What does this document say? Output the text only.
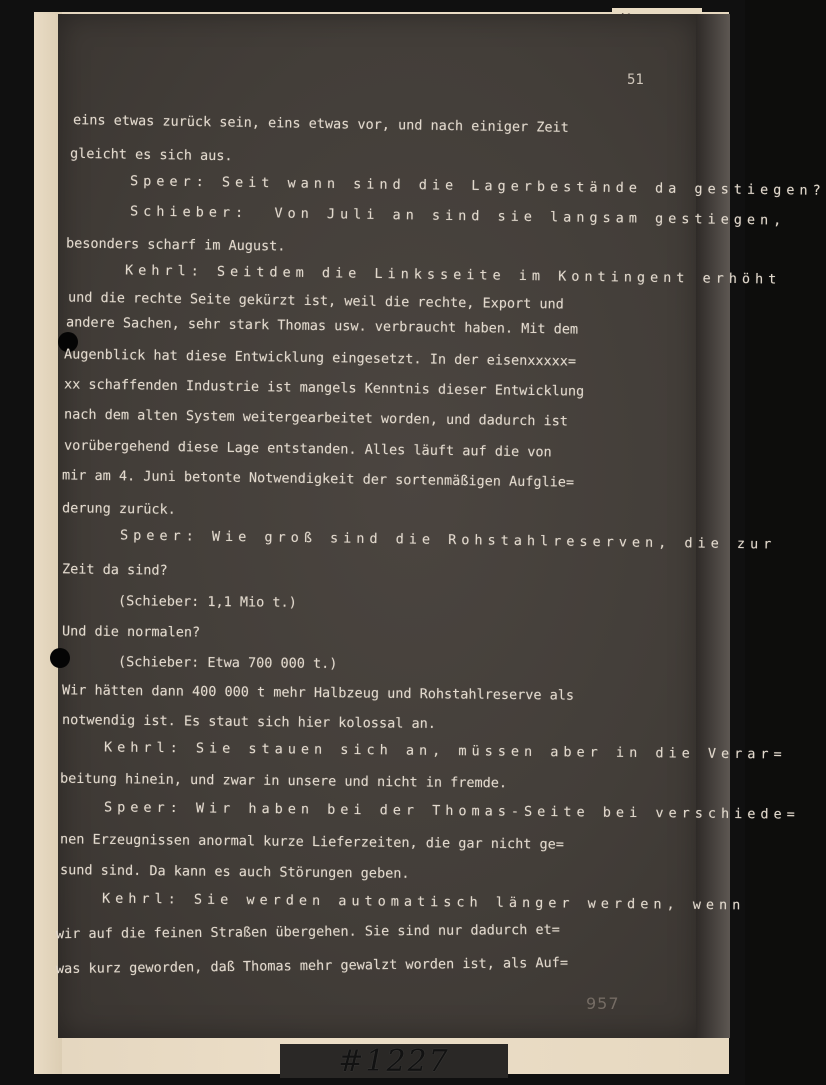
51
eins etwas zurück sein, eins etwas vor, und nach einiger Zeit
gleicht es sich aus.
Speer: Seit wann sind die Lagerbestände da gestiegen?
Schieber:  Von Juli an sind sie langsam gestiegen,
besonders scharf im August.
Kehrl: Seitdem die Linksseite im Kontingent erhöht
und die rechte Seite gekürzt ist, weil die rechte, Export und
andere Sachen, sehr stark Thomas usw. verbraucht haben. Mit dem
Augenblick hat diese Entwicklung eingesetzt. In der eisenxxxxx=
xx schaffenden Industrie ist mangels Kenntnis dieser Entwicklung
nach dem alten System weitergearbeitet worden, und dadurch ist
vorübergehend diese Lage entstanden. Alles läuft auf die von
mir am 4. Juni betonte Notwendigkeit der sortenmäßigen Aufglie=
derung zurück.
Speer: Wie groß sind die Rohstahlreserven, die zur
Zeit da sind?
(Schieber: 1,1 Mio t.)
Und die normalen?
(Schieber: Etwa 700 000 t.)
Wir hätten dann 400 000 t mehr Halbzeug und Rohstahlreserve als
notwendig ist. Es staut sich hier kolossal an.
Kehrl: Sie stauen sich an, müssen aber in die Verar=
beitung hinein, und zwar in unsere und nicht in fremde.
Speer: Wir haben bei der Thomas-Seite bei verschiede=
nen Erzeugnissen anormal kurze Lieferzeiten, die gar nicht ge=
sund sind. Da kann es auch Störungen geben.
Kehrl: Sie werden automatisch länger werden, wenn
wir auf die feinen Straßen übergehen. Sie sind nur dadurch et=
was kurz geworden, daß Thomas mehr gewalzt worden ist, als Auf=
957
#1227
